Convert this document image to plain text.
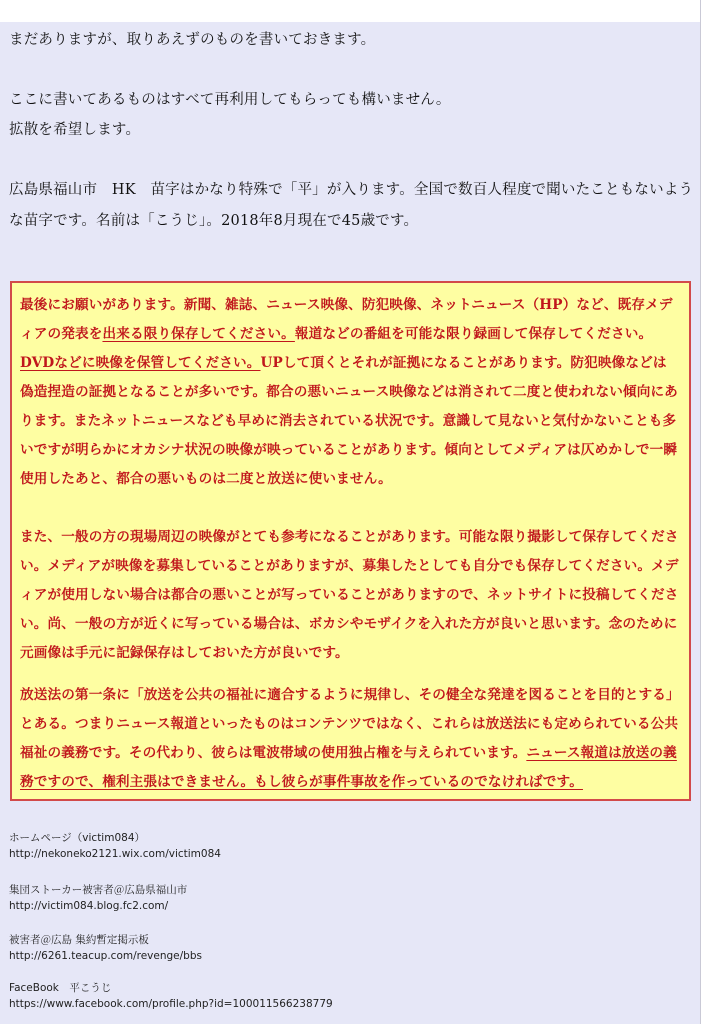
まだありますが、取りあえずのものを書いておきます。

ここに書いてあるものはすべて再利用してもらっても構いません。

拡散を希望します。

広島県福山市　HK　苗字はかなり特殊で「平」が入ります。全国で数百人程度で聞いたこともないよう

な苗字です。名前は「こうじ」。2018年8月現在で45歳です。

最後にお願いがあります。新聞、雑誌、ニュース映像、防犯映像、ネットニュース（HP）など、既存メディアの発表を出来る限り保存してください。報道などの番組を可能な限り録画して保存してください。DVDなどに映像を保管してください。UPして頂くとそれが証拠になることがあります。防犯映像などは偽造捏造の証拠となることが多いです。都合の悪いニュース映像などは消されて二度と使われない傾向にあります。またネットニュースなども早めに消去されている状況です。意識して見ないと気付かないことも多いですが明らかにオカシナ状況の映像が映っていることがあります。傾向としてメディアは仄めかしで一瞬使用したあと、都合の悪いものは二度と放送に使いません。

また、一般の方の現場周辺の映像がとても参考になることがあります。可能な限り撮影して保存してください。メディアが映像を募集していることがありますが、募集したとしても自分でも保存してください。メディアが使用しない場合は都合の悪いことが写っていることがありますので、ネットサイトに投稿してください。尚、一般の方が近くに写っている場合は、ボカシやモザイクを入れた方が良いと思います。念のために元画像は手元に記録保存はしておいた方が良いです。

放送法の第一条に「放送を公共の福祉に適合するように規律し、その健全な発達を図ることを目的とする」とある。つまりニュース報道といったものはコンテンツではなく、これらは放送法にも定められている公共福祉の義務です。その代わり、彼らは電波帯域の使用独占権を与えられています。ニュース報道は放送の義務ですので、権利主張はできません。もし彼らが事件事故を作っているのでなければです。

ホームページ（victim084）
http://nekoneko2121.wix.com/victim084
集団ストーカー被害者＠広島県福山市
http://victim084.blog.fc2.com/
被害者＠広島 集約暫定掲示板
http://6261.teacup.com/revenge/bbs
FaceBook　平こうじ
https://www.facebook.com/profile.php?id=100011566238779
